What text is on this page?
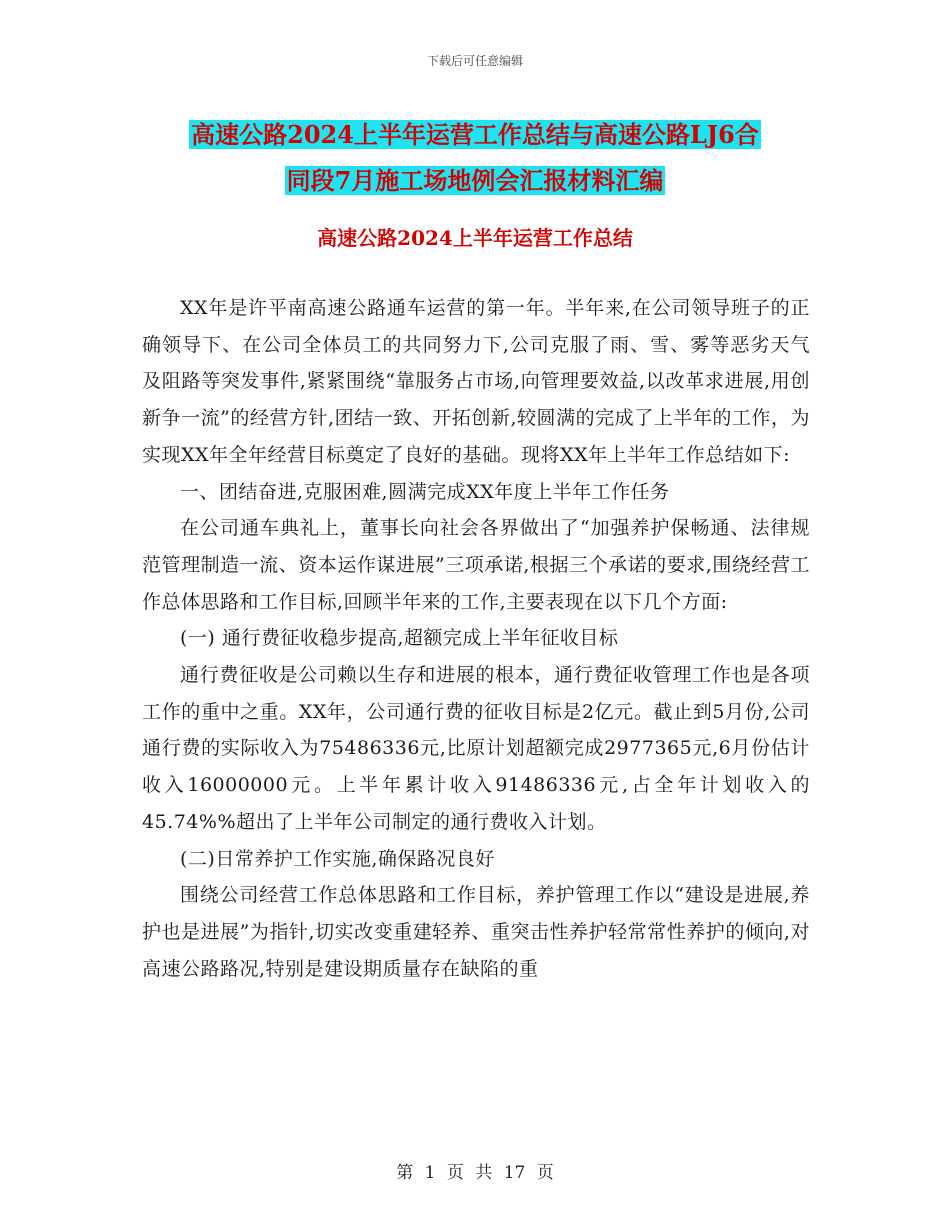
下载后可任意编辑
高速公路2024上半年运营工作总结与高速公路LJ6合
同段7月施工场地例会汇报材料汇编
高速公路2024上半年运营工作总结

XX年是许平南高速公路通车运营的第一年。半年来,在公司领导班子的正确领导下、在公司全体员工的共同努力下,公司克服了雨、雪、雾等恶劣天气及阻路等突发事件,紧紧围绕“靠服务占市场,向管理要效益,以改革求进展,用创新争一流”的经营方针,团结一致、开拓创新,较圆满的完成了上半年的工作，为实现XX年全年经营目标奠定了良好的基础。现将XX年上半年工作总结如下:

一、团结奋进,克服困难,圆满完成XX年度上半年工作任务

在公司通车典礼上，董事长向社会各界做出了“加强养护保畅通、法律规范管理制造一流、资本运作谋进展”三项承诺,根据三个承诺的要求,围绕经营工作总体思路和工作目标,回顾半年来的工作,主要表现在以下几个方面:

(一) 通行费征收稳步提高,超额完成上半年征收目标

通行费征收是公司赖以生存和进展的根本，通行费征收管理工作也是各项工作的重中之重。XX年，公司通行费的征收目标是2亿元。截止到5月份,公司通行费的实际收入为75486336元,比原计划超额完成2977365元,6月份估计收入16000000元。上半年累计收入91486336元,占全年计划收入的45.74%%超出了上半年公司制定的通行费收入计划。

(二)日常养护工作实施,确保路况良好

围绕公司经营工作总体思路和工作目标，养护管理工作以“建设是进展,养护也是进展”为指针,切实改变重建轻养、重突击性养护轻常常性养护的倾向,对高速公路路况,特别是建设期质量存在缺陷的重

第 1 页 共 17 页
